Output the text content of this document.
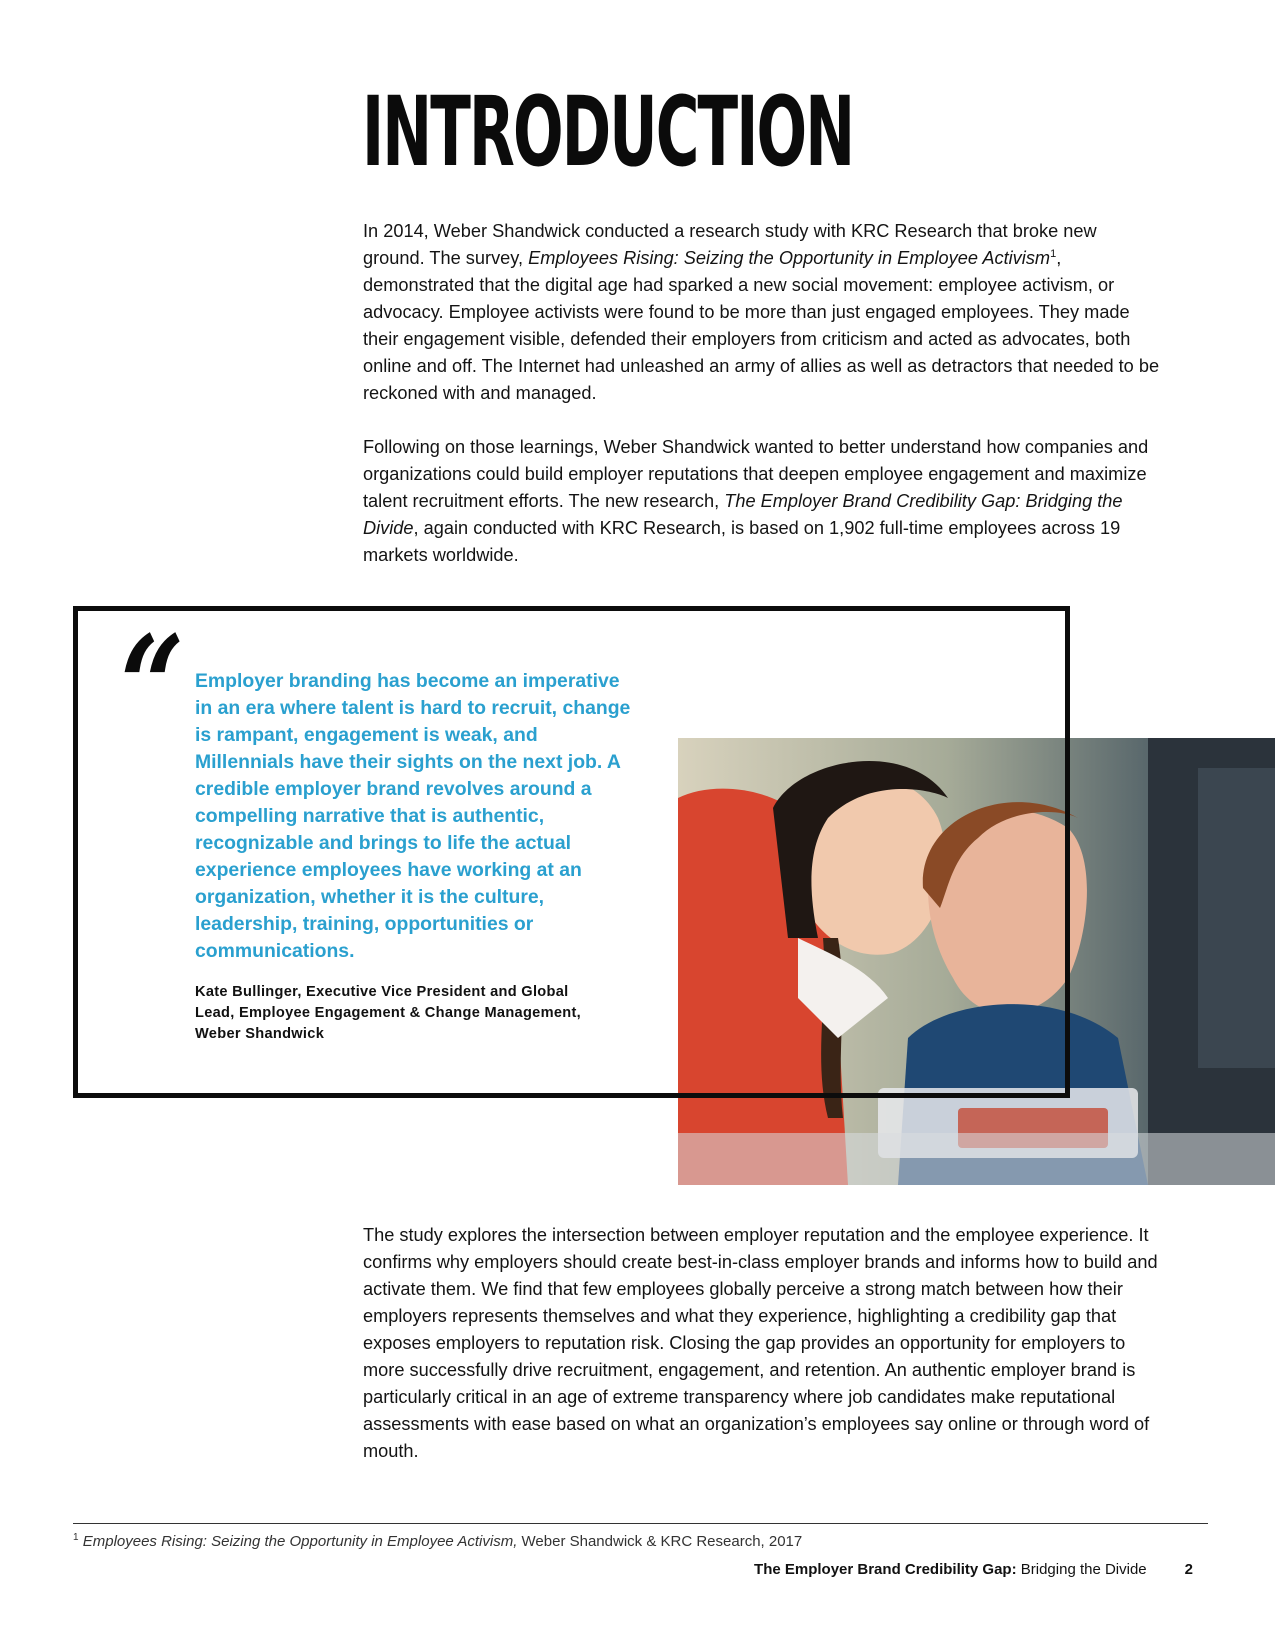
INTRODUCTION

In 2014, Weber Shandwick conducted a research study with KRC Research that broke new ground. The survey, Employees Rising: Seizing the Opportunity in Employee Activism$^1$, demonstrated that the digital age had sparked a new social movement: employee activism, or advocacy. Employee activists were found to be more than just engaged employees. They made their engagement visible, defended their employers from criticism and acted as advocates, both online and off. The Internet had unleashed an army of allies as well as detractors that needed to be reckoned with and managed.

Following on those learnings, Weber Shandwick wanted to better understand how companies and organizations could build employer reputations that deepen employee engagement and maximize talent recruitment efforts. The new research, The Employer Brand Credibility Gap: Bridging the Divide, again conducted with KRC Research, is based on 1,902 full-time employees across 19 markets worldwide.

“ Employer branding has become an imperative in an era where talent is hard to recruit, change is rampant, engagement is weak, and Millennials have their sights on the next job. A credible employer brand revolves around a compelling narrative that is authentic, recognizable and brings to life the actual experience employees have working at an organization, whether it is the culture, leadership, training, opportunities or communications.
Kate Bullinger, Executive Vice President and Global
Lead, Employee Engagement & Change Management,
Weber Shandwick

The study explores the intersection between employer reputation and the employee experience. It confirms why employers should create best-in-class employer brands and informs how to build and activate them. We find that few employees globally perceive a strong match between how their employers represents themselves and what they experience, highlighting a credibility gap that exposes employers to reputation risk. Closing the gap provides an opportunity for employers to more successfully drive recruitment, engagement, and retention. An authentic employer brand is particularly critical in an age of extreme transparency where job candidates make reputational assessments with ease based on what an organization’s employees say online or through word of mouth.

$^1$ Employees Rising: Seizing the Opportunity in Employee Activism, Weber Shandwick & KRC Research, 2017
The Employer Brand Credibility Gap: Bridging the Divide	2
